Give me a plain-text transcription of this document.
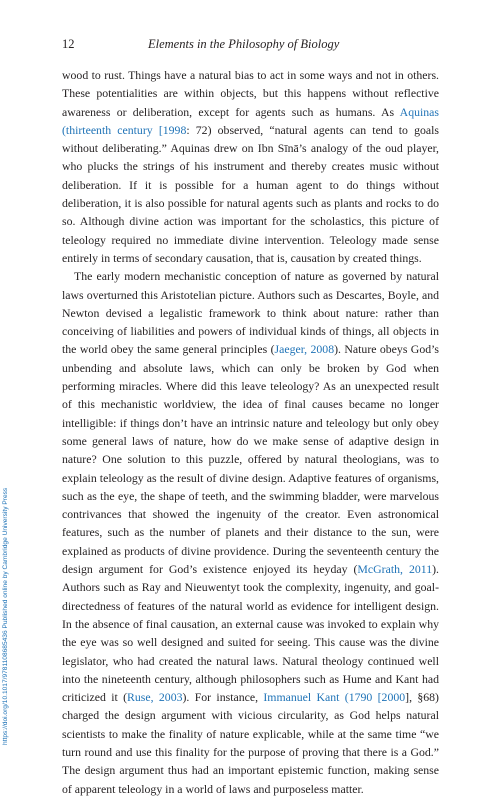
12	Elements in the Philosophy of Biology

wood to rust. Things have a natural bias to act in some ways and not in others. These potentialities are within objects, but this happens without reflective awareness or deliberation, except for agents such as humans. As Aquinas (thirteenth century [1998: 72) observed, “natural agents can tend to goals without deliberating.” Aquinas drew on Ibn Sīnā’s analogy of the oud player, who plucks the strings of his instrument and thereby creates music without deliberation. If it is possible for a human agent to do things without deliberation, it is also possible for natural agents such as plants and rocks to do so. Although divine action was important for the scholastics, this picture of teleology required no immediate divine intervention. Teleology made sense entirely in terms of secondary causation, that is, causation by created things.

The early modern mechanistic conception of nature as governed by natural laws overturned this Aristotelian picture. Authors such as Descartes, Boyle, and Newton devised a legalistic framework to think about nature: rather than conceiving of liabilities and powers of individual kinds of things, all objects in the world obey the same general principles (Jaeger, 2008). Nature obeys God’s unbending and absolute laws, which can only be broken by God when performing miracles. Where did this leave teleology? As an unexpected result of this mechanistic worldview, the idea of final causes became no longer intelligible: if things don’t have an intrinsic nature and teleology but only obey some general laws of nature, how do we make sense of adaptive design in nature? One solution to this puzzle, offered by natural theologians, was to explain teleology as the result of divine design. Adaptive features of organisms, such as the eye, the shape of teeth, and the swimming bladder, were marvelous contrivances that showed the ingenuity of the creator. Even astronomical features, such as the number of planets and their distance to the sun, were explained as products of divine providence. During the seventeenth century the design argument for God’s existence enjoyed its heyday (McGrath, 2011). Authors such as Ray and Nieuwentyt took the complexity, ingenuity, and goal-directedness of features of the natural world as evidence for intelligent design. In the absence of final causation, an external cause was invoked to explain why the eye was so well designed and suited for seeing. This cause was the divine legislator, who had created the natural laws. Natural theology continued well into the nineteenth century, although philosophers such as Hume and Kant had criticized it (Ruse, 2003). For instance, Immanuel Kant (1790 [2000], §68) charged the design argument with vicious circularity, as God helps natural scientists to make the finality of nature explicable, while at the same time “we turn round and use this finality for the purpose of proving that there is a God.” The design argument thus had an important epistemic function, making sense of apparent teleology in a world of laws and purposeless matter.

https://doi.org/10.1017/9781108685436 Published online by Cambridge University Press
